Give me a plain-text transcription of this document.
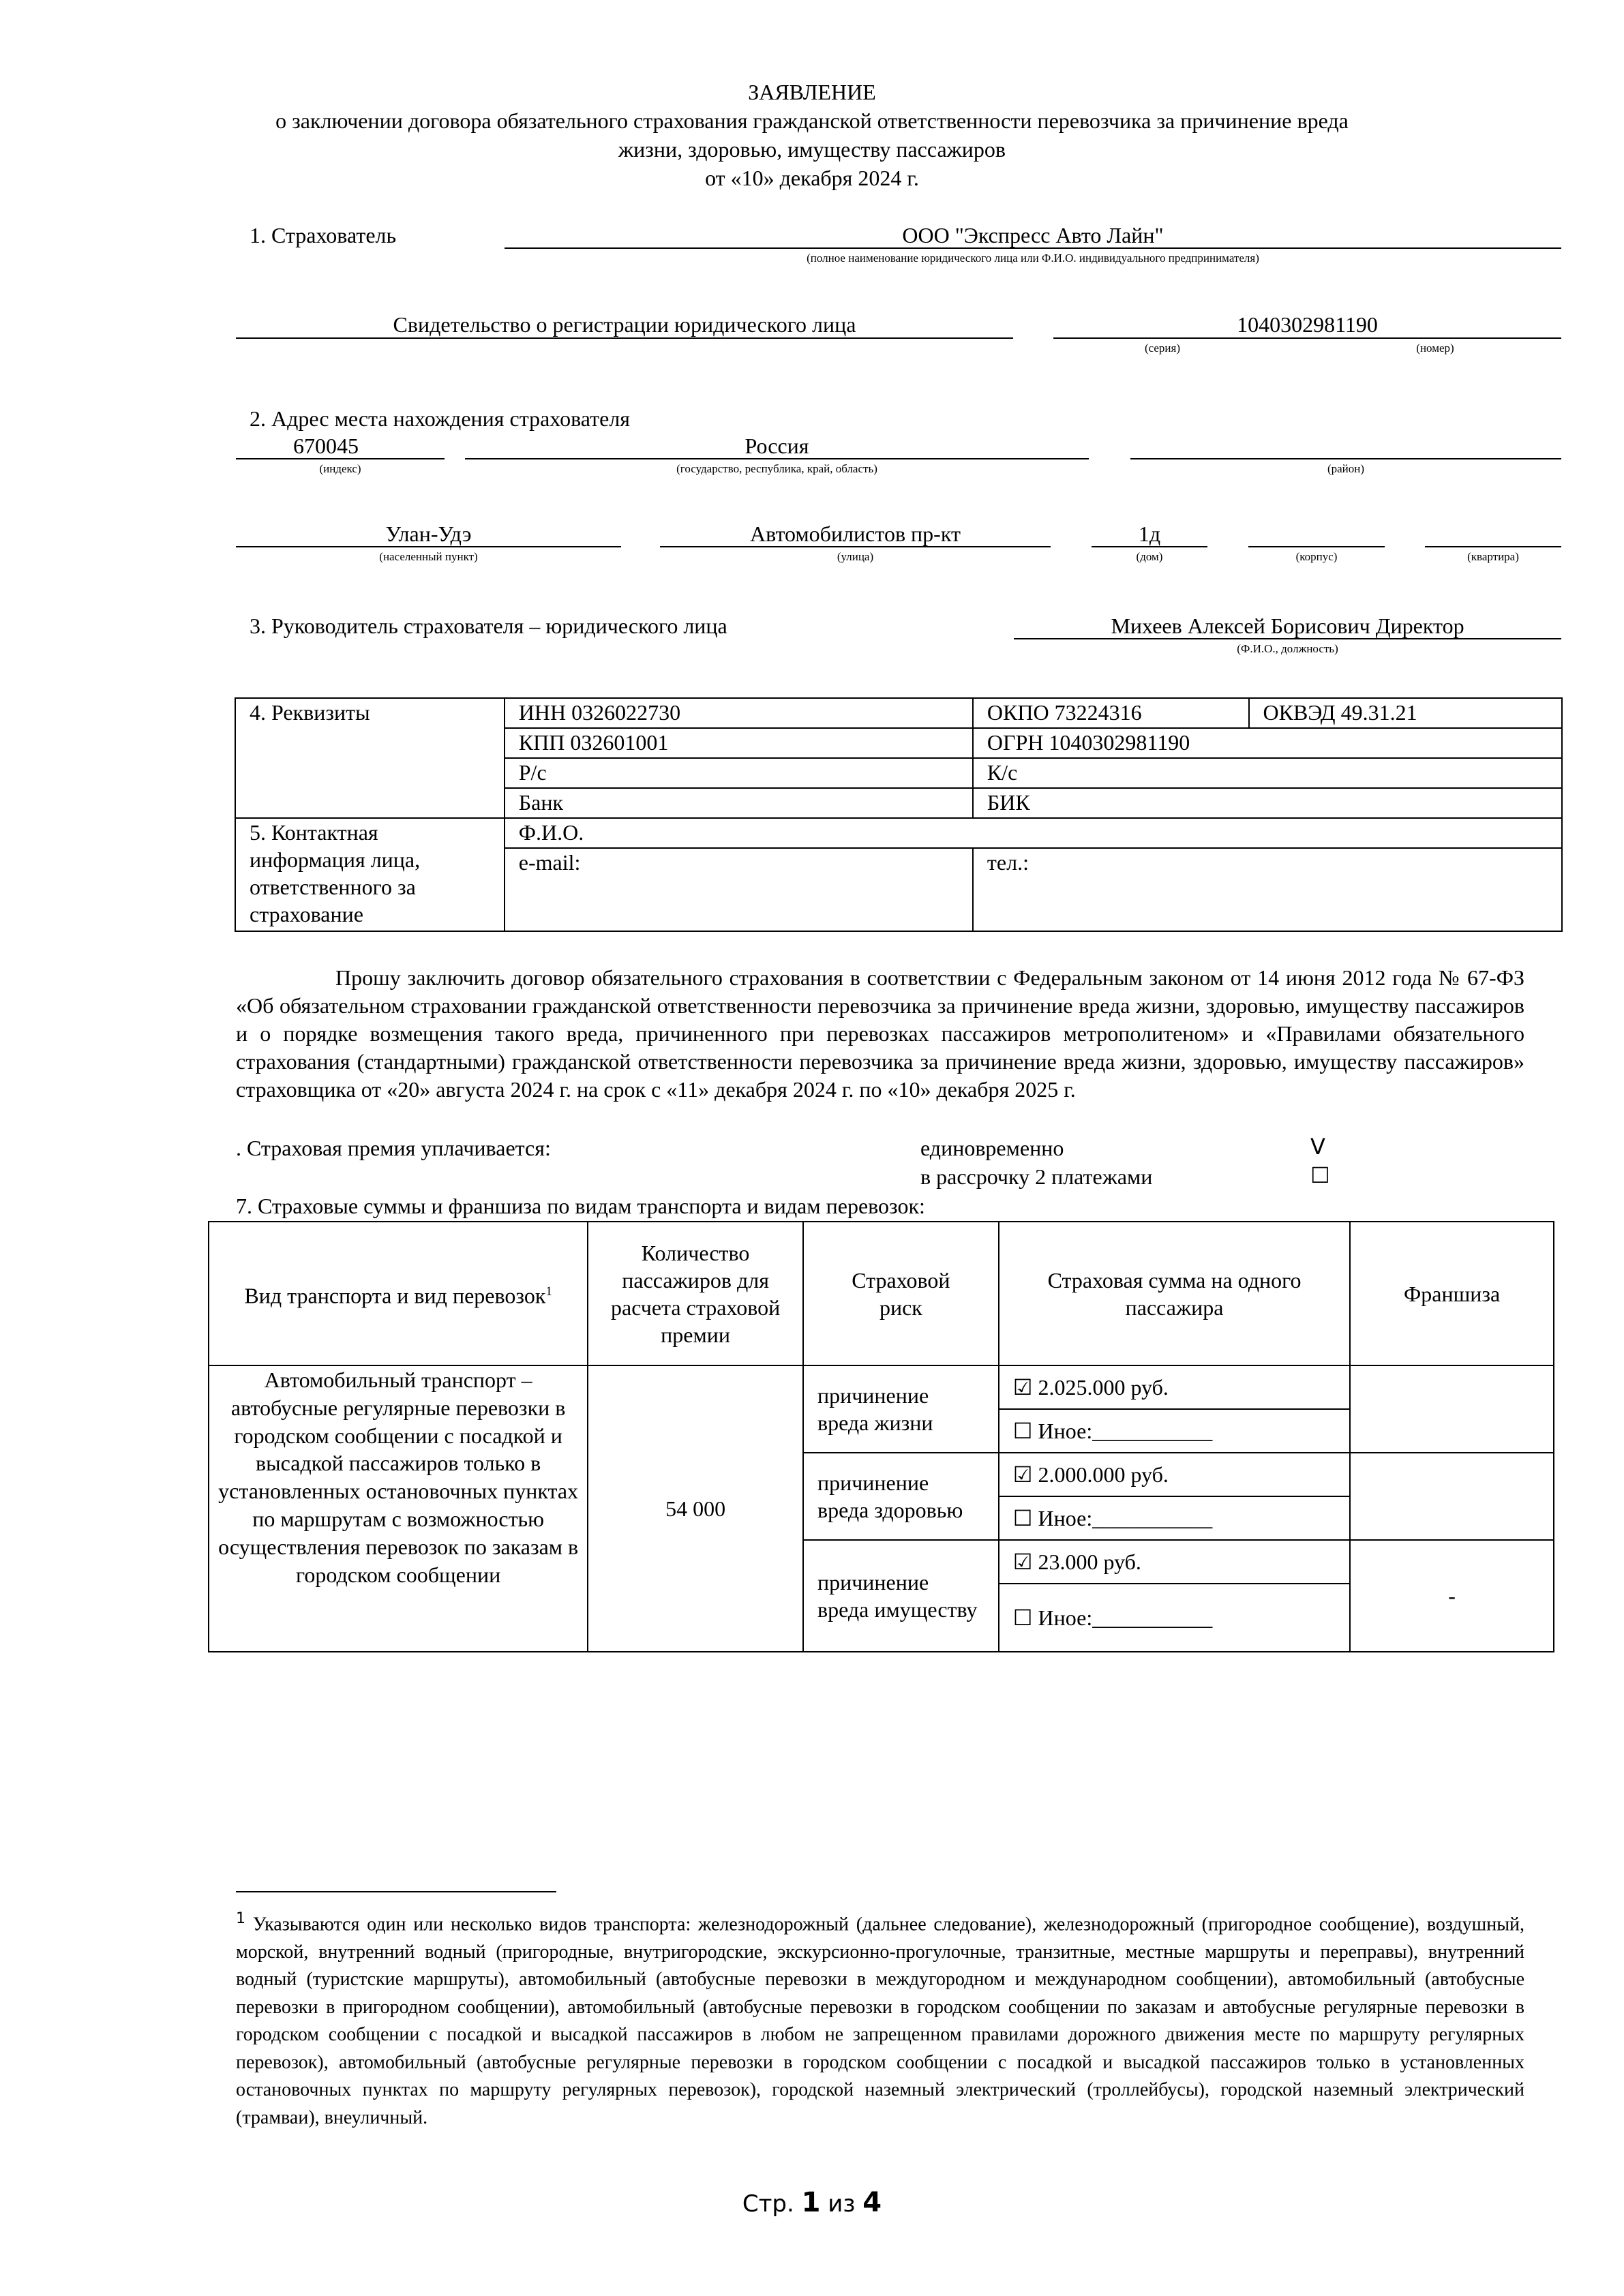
ЗАЯВЛЕНИЕ
о заключении договора обязательного страхования гражданской ответственности перевозчика за причинение вреда
жизни, здоровью, имуществу пассажиров
от «10» декабря 2024 г.
1. Страхователь	ООО "Экспресс Авто Лайн"
(полное наименование юридического лица или Ф.И.О. индивидуального предпринимателя)
Свидетельство о регистрации юридического лица	1040302981190
(серия)	(номер)
2. Адрес места нахождения страхователя
670045
(индекс)
Россия
(государство, республика, край, область)	(район)
Улан-Удэ
(населенный пункт)
Автомобилистов пр-кт
(улица)
1д
(дом)	(корпус)	(квартира)
3. Руководитель страхователя – юридического лица	Михеев Алексей Борисович Директор
(Ф.И.О., должность)
4. Реквизиты	ИНН 0326022730	ОКПО 73224316	ОКВЭД 49.31.21
	КПП 032601001	ОГРН 1040302981190	
	Р/с	К/с	
	Банк	БИК	
5. Контактная информация лица, ответственного за страхование	Ф.И.О.		
	e-mail:	тел.:	
Прошу заключить договор обязательного страхования в соответствии с Федеральным законом от 14 июня 2012 года № 67-ФЗ «Об обязательном страховании гражданской ответственности перевозчика за причинение вреда жизни, здоровью, имуществу пассажиров и о порядке возмещения такого вреда, причиненного при перевозках пассажиров метрополитеном» и «Правилами обязательного страхования (стандартными) гражданской ответственности перевозчика за причинение вреда жизни, здоровью, имуществу пассажиров» страховщика от «20» августа 2024 г. на срок с «11» декабря 2024 г. по «10» декабря 2025 г.
. Страховая премия уплачивается:	единовременно	V
в рассрочку 2 платежами	☐
7. Страховые суммы и франшиза по видам транспорта и видам перевозок:
Вид транспорта и вид перевозок$^1$	Количество пассажиров для расчета страховой премии	Страховой риск	Страховая сумма на одного пассажира	Франшиза
Автомобильный транспорт – автобусные регулярные перевозки в городском сообщении с посадкой и высадкой пассажиров только в установленных остановочных пунктах по маршрутам с возможностью осуществления перевозок по заказам в городском сообщении	54 000	причинение вреда жизни	☑ 2.025.000 руб.	
			☐ Иное:___________	
		причинение вреда здоровью	☑ 2.000.000 руб.	
			☐ Иное:___________	
		причинение вреда имуществу	☑ 23.000 руб.	-
			☐ Иное:___________	
$^1$ Указываются один или несколько видов транспорта: железнодорожный (дальнее следование), железнодорожный (пригородное сообщение), воздушный, морской, внутренний водный (пригородные, внутригородские, экскурсионно-прогулочные, транзитные, местные маршруты и переправы), внутренний водный (туристские маршруты), автомобильный (автобусные перевозки в междугородном и международном сообщении), автомобильный (автобусные перевозки в пригородном сообщении), автомобильный (автобусные перевозки в городском сообщении по заказам и автобусные регулярные перевозки в городском сообщении с посадкой и высадкой пассажиров в любом не запрещенном правилами дорожного движения месте по маршруту регулярных перевозок), автомобильный (автобусные регулярные перевозки в городском сообщении с посадкой и высадкой пассажиров только в установленных остановочных пунктах по маршруту регулярных перевозок), городской наземный электрический (троллейбусы), городской наземный электрический (трамваи), внеуличный.
Стр. 1 из 4
